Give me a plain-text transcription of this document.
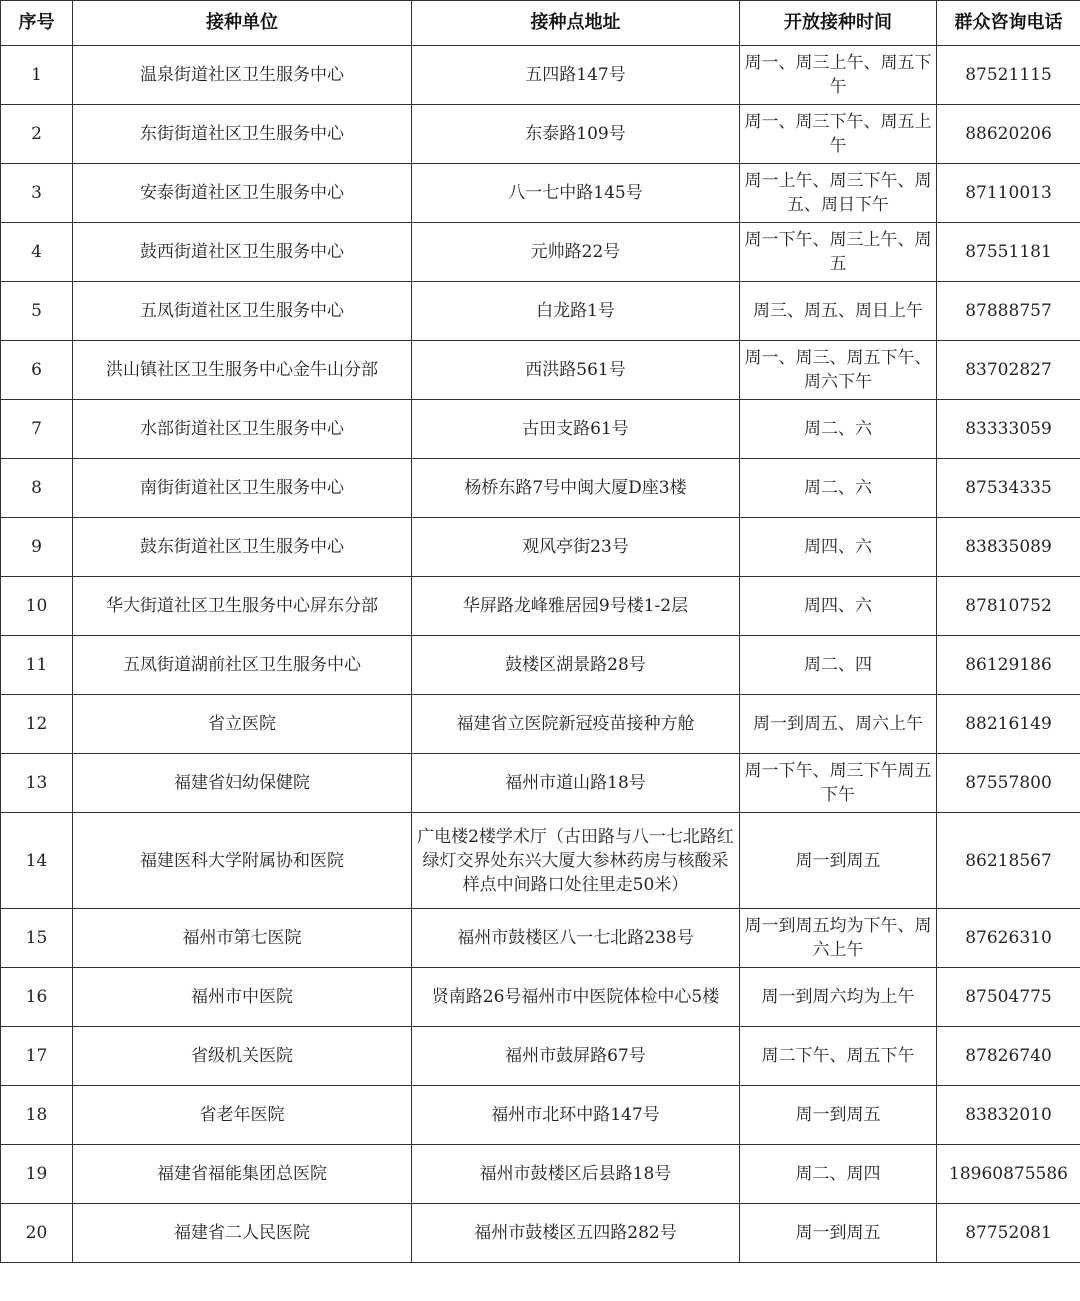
序号	接种单位	接种点地址	开放接种时间	群众咨询电话
1	温泉街道社区卫生服务中心	五四路147号	周一、周三上午、周五下午	87521115
2	东街街道社区卫生服务中心	东泰路109号	周一、周三下午、周五上午	88620206
3	安泰街道社区卫生服务中心	八一七中路145号	周一上午、周三下午、周五、周日下午	87110013
4	鼓西街道社区卫生服务中心	元帅路22号	周一下午、周三上午、周五	87551181
5	五凤街道社区卫生服务中心	白龙路1号	周三、周五、周日上午	87888757
6	洪山镇社区卫生服务中心金牛山分部	西洪路561号	周一、周三、周五下午、周六下午	83702827
7	水部街道社区卫生服务中心	古田支路61号	周二、六	83333059
8	南街街道社区卫生服务中心	杨桥东路7号中闽大厦D座3楼	周二、六	87534335
9	鼓东街道社区卫生服务中心	观风亭街23号	周四、六	83835089
10	华大街道社区卫生服务中心屏东分部	华屏路龙峰雅居园9号楼1-2层	周四、六	87810752
11	五凤街道湖前社区卫生服务中心	鼓楼区湖景路28号	周二、四	86129186
12	省立医院	福建省立医院新冠疫苗接种方舱	周一到周五、周六上午	88216149
13	福建省妇幼保健院	福州市道山路18号	周一下午、周三下午周五下午	87557800
14	福建医科大学附属协和医院	广电楼2楼学术厅（古田路与八一七北路红绿灯交界处东兴大厦大参林药房与核酸采样点中间路口处往里走50米）	周一到周五	86218567
15	福州市第七医院	福州市鼓楼区八一七北路238号	周一到周五均为下午、周六上午	87626310
16	福州市中医院	贤南路26号福州市中医院体检中心5楼	周一到周六均为上午	87504775
17	省级机关医院	福州市鼓屏路67号	周二下午、周五下午	87826740
18	省老年医院	福州市北环中路147号	周一到周五	83832010
19	福建省福能集团总医院	福州市鼓楼区后县路18号	周二、周四	18960875586
20	福建省二人民医院	福州市鼓楼区五四路282号	周一到周五	87752081
